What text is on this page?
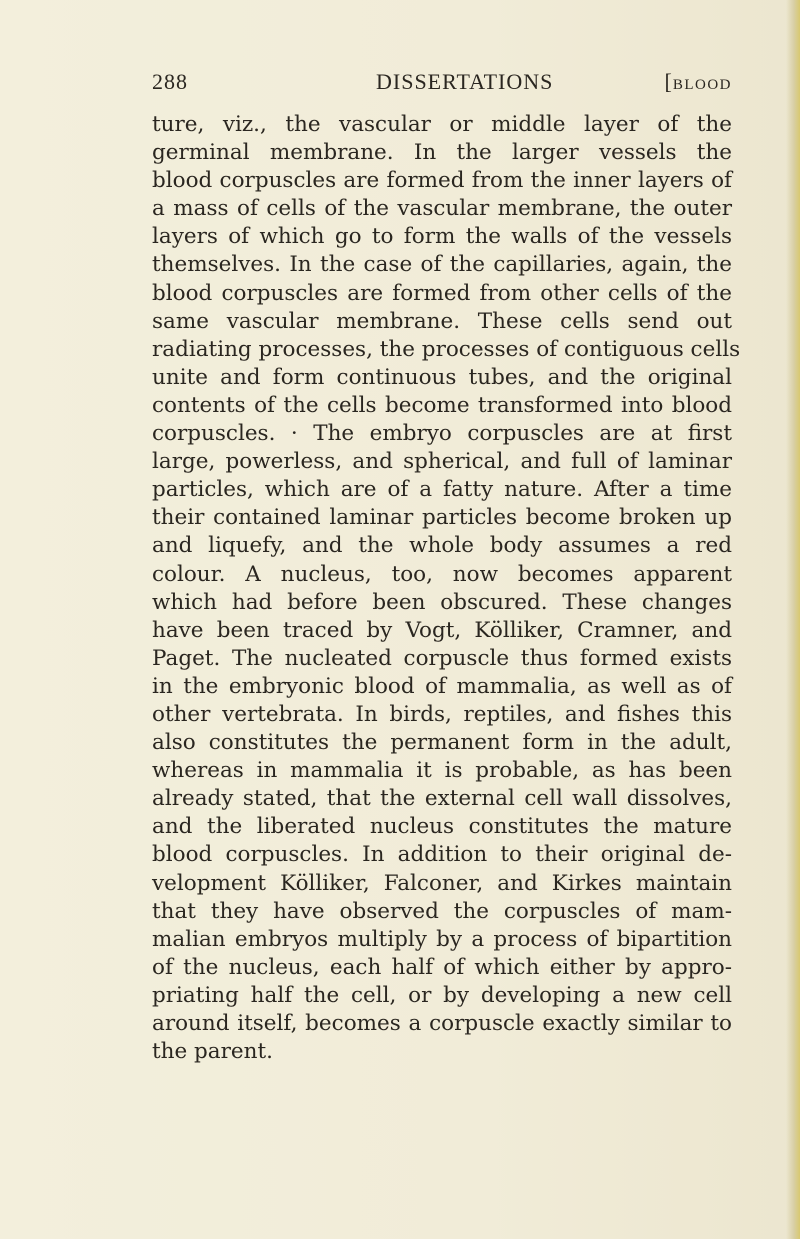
288	DISSERTATIONS	[BLOOD
ture, viz., the vascular or middle layer of the
germinal membrane. In the larger vessels the
blood corpuscles are formed from the inner layers of
a mass of cells of the vascular membrane, the outer
layers of which go to form the walls of the vessels
themselves. In the case of the capillaries, again, the
blood corpuscles are formed from other cells of the
same vascular membrane. These cells send out
radiating processes, the processes of contiguous cells
unite and form continuous tubes, and the original
contents of the cells become transformed into blood
corpuscles. · The embryo corpuscles are at first
large, powerless, and spherical, and full of laminar
particles, which are of a fatty nature. After a time
their contained laminar particles become broken up
and liquefy, and the whole body assumes a red
colour. A nucleus, too, now becomes apparent
which had before been obscured. These changes
have been traced by Vogt, Kölliker, Cramner, and
Paget. The nucleated corpuscle thus formed exists
in the embryonic blood of mammalia, as well as of
other vertebrata. In birds, reptiles, and fishes this
also constitutes the permanent form in the adult,
whereas in mammalia it is probable, as has been
already stated, that the external cell wall dissolves,
and the liberated nucleus constitutes the mature
blood corpuscles. In addition to their original de-
velopment Kölliker, Falconer, and Kirkes maintain
that they have observed the corpuscles of mam-
malian embryos multiply by a process of bipartition
of the nucleus, each half of which either by appro-
priating half the cell, or by developing a new cell
around itself, becomes a corpuscle exactly similar to
the parent.
